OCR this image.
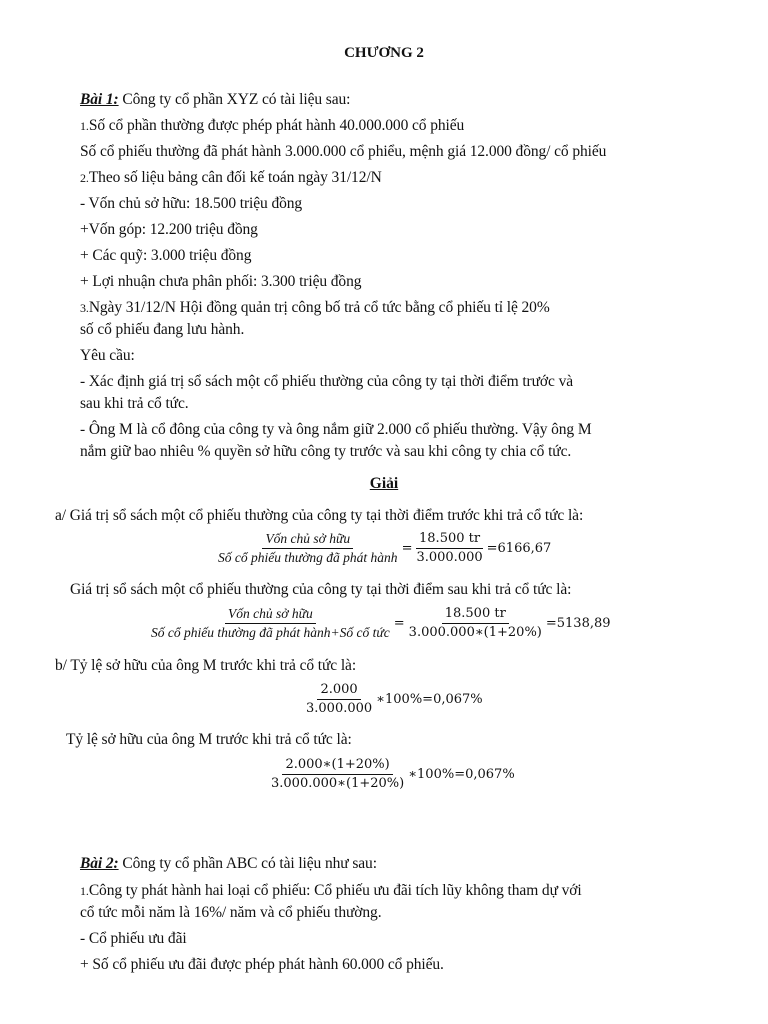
CHƯƠNG 2
Bài 1: Công ty cổ phần XYZ có tài liệu sau:
1.Số cổ phần thường được phép phát hành 40.000.000 cổ phiếu
Số cổ phiếu thường đã phát hành 3.000.000 cổ phiểu, mệnh giá 12.000 đồng/ cổ phiếu
2.Theo số liệu bảng cân đối kế toán ngày 31/12/N
- Vốn chủ sở hữu: 18.500 triệu đồng
+Vốn góp: 12.200 triệu đồng
+ Các quỹ: 3.000 triệu đồng
+ Lợi nhuận chưa phân phối: 3.300 triệu đồng
3.Ngày 31/12/N Hội đồng quản trị công bố trả cổ tức bằng cổ phiếu tỉ lệ 20%
số cổ phiếu đang lưu hành.
Yêu cầu:
- Xác định giá trị sổ sách một cổ phiếu thường của công ty tại thời điểm trước và
sau khi trả cổ tức.
- Ông M là cổ đông của công ty và ông nắm giữ 2.000 cổ phiếu thường. Vậy ông M
nắm giữ bao nhiêu % quyền sở hữu công ty trước và sau khi công ty chia cổ tức.
Giải
a/ Giá trị sổ sách một cổ phiếu thường của công ty tại thời điểm trước khi trả cổ tức là:
$\frac{\text{Vốn chủ sở hữu}}{\text{Số cổ phiếu thường đã phát hành}} = \frac{18.500 tr}{3.000.000} =6166,67$
Giá trị sổ sách một cổ phiếu thường của công ty tại thời điểm sau khi trả cổ tức là:
$\frac{\text{Vốn chủ sở hữu}}{\text{Số cổ phiếu thường đã phát hành+Số cổ tức}} = \frac{18.500 tr}{3.000.000∗(1+20\%)} =5138,89$
b/ Tỷ lệ sở hữu của ông M trước khi trả cổ tức là:
$\frac{2.000}{3.000.000}$ ∗100%=0,067%
Tỷ lệ sở hữu của ông M trước khi trả cổ tức là:
$\frac{2.000∗(1+20\%)}{3.000.000∗(1+20\%)}$ ∗100%=0,067%
Bài 2: Công ty cổ phần ABC có tài liệu như sau:
1.Công ty phát hành hai loại cổ phiếu: Cổ phiếu ưu đãi tích lũy không tham dự với
cổ tức mỗi năm là 16%/ năm và cổ phiếu thường.
- Cổ phiếu ưu đãi
+ Số cổ phiếu ưu đãi được phép phát hành 60.000 cổ phiếu.
